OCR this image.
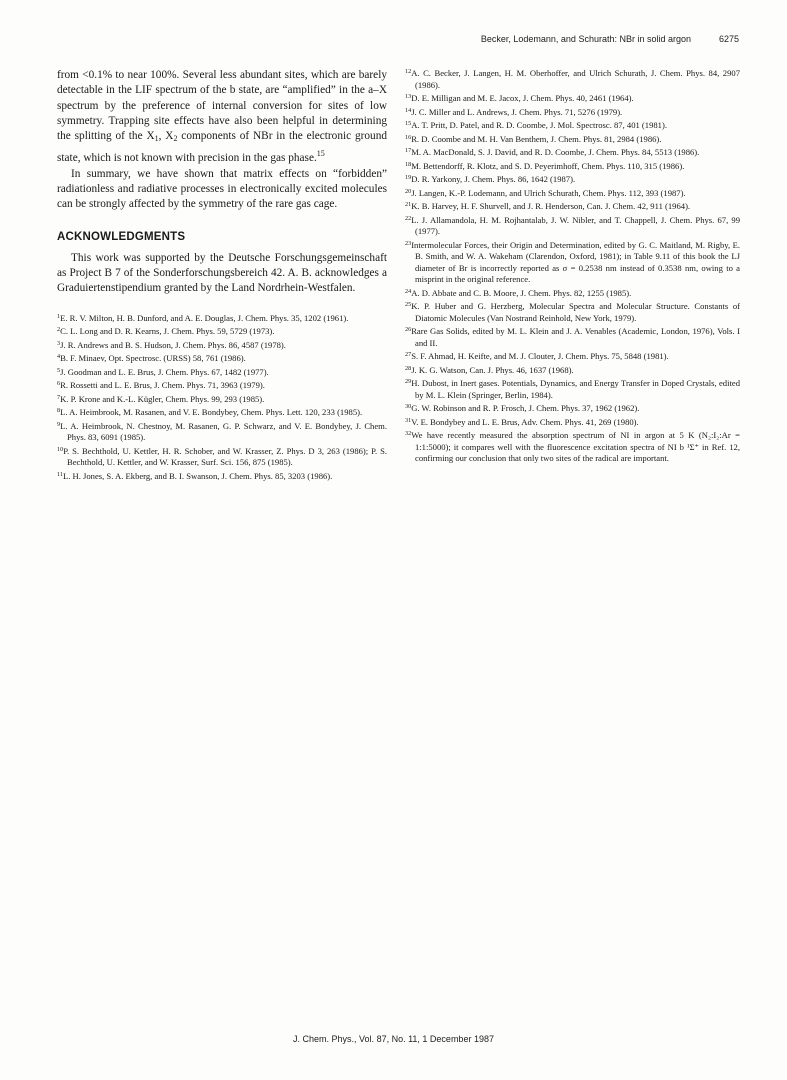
Becker, Lodemann, and Schurath: NBr in solid argon	6275

from <0.1% to near 100%. Several less abundant sites, which are barely detectable in the LIF spectrum of the b state, are “amplified” in the a–X spectrum by the preference of internal conversion for sites of low symmetry. Trapping site effects have also been helpful in determining the splitting of the $X_1$, $X_2$ components of NBr in the electronic ground state, which is not known with precision in the gas phase.$^{15}$

In summary, we have shown that matrix effects on “forbidden” radiationless and radiative processes in electronically excited molecules can be strongly affected by the symmetry of the rare gas cage.

ACKNOWLEDGMENTS

This work was supported by the Deutsche Forschungsgemeinschaft as Project B 7 of the Sonderforschungsbereich 42. A. B. acknowledges a Graduiertenstipendium granted by the Land Nordrhein-Westfalen.

$^1$E. R. V. Milton, H. B. Dunford, and A. E. Douglas, J. Chem. Phys. 35, 1202 (1961).
$^2$C. L. Long and D. R. Kearns, J. Chem. Phys. 59, 5729 (1973).
$^3$J. R. Andrews and B. S. Hudson, J. Chem. Phys. 86, 4587 (1978).
$^4$B. F. Minaev, Opt. Spectrosc. (URSS) 58, 761 (1986).
$^5$J. Goodman and L. E. Brus, J. Chem. Phys. 67, 1482 (1977).
$^6$R. Rossetti and L. E. Brus, J. Chem. Phys. 71, 3963 (1979).
$^7$K. P. Krone and K.-L. Kügler, Chem. Phys. 99, 293 (1985).
$^8$L. A. Heimbrook, M. Rasanen, and V. E. Bondybey, Chem. Phys. Lett. 120, 233 (1985).
$^9$L. A. Heimbrook, N. Chestnoy, M. Rasanen, G. P. Schwarz, and V. E. Bondybey, J. Chem. Phys. 83, 6091 (1985).
$^{10}$P. S. Bechthold, U. Kettler, H. R. Schober, and W. Krasser, Z. Phys. D 3, 263 (1986); P. S. Bechthold, U. Kettler, and W. Krasser, Surf. Sci. 156, 875 (1985).
$^{11}$L. H. Jones, S. A. Ekberg, and B. I. Swanson, J. Chem. Phys. 85, 3203 (1986).
$^{12}$A. C. Becker, J. Langen, H. M. Oberhoffer, and Ulrich Schurath, J. Chem. Phys. 84, 2907 (1986).
$^{13}$D. E. Milligan and M. E. Jacox, J. Chem. Phys. 40, 2461 (1964).
$^{14}$J. C. Miller and L. Andrews, J. Chem. Phys. 71, 5276 (1979).
$^{15}$A. T. Pritt, D. Patel, and R. D. Coombe, J. Mol. Spectrosc. 87, 401 (1981).
$^{16}$R. D. Coombe and M. H. Van Benthem, J. Chem. Phys. 81, 2984 (1986).
$^{17}$M. A. MacDonald, S. J. David, and R. D. Coombe, J. Chem. Phys. 84, 5513 (1986).
$^{18}$M. Bettendorff, R. Klotz, and S. D. Peyerimhoff, Chem. Phys. 110, 315 (1986).
$^{19}$D. R. Yarkony, J. Chem. Phys. 86, 1642 (1987).
$^{20}$J. Langen, K.-P. Lodemann, and Ulrich Schurath, Chem. Phys. 112, 393 (1987).
$^{21}$K. B. Harvey, H. F. Shurvell, and J. R. Henderson, Can. J. Chem. 42, 911 (1964).
$^{22}$L. J. Allamandola, H. M. Rojhantalab, J. W. Nibler, and T. Chappell, J. Chem. Phys. 67, 99 (1977).
$^{23}$Intermolecular Forces, their Origin and Determination, edited by G. C. Maitland, M. Rigby, E. B. Smith, and W. A. Wakeham (Clarendon, Oxford, 1981); in Table 9.11 of this book the LJ diameter of Br is incorrectly reported as σ = 0.2538 nm instead of 0.3538 nm, owing to a misprint in the original reference.
$^{24}$A. D. Abbate and C. B. Moore, J. Chem. Phys. 82, 1255 (1985).
$^{25}$K. P. Huber and G. Herzberg, Molecular Spectra and Molecular Structure. Constants of Diatomic Molecules (Van Nostrand Reinhold, New York, 1979).
$^{26}$Rare Gas Solids, edited by M. L. Klein and J. A. Venables (Academic, London, 1976), Vols. I and II.
$^{27}$S. F. Ahmad, H. Keifte, and M. J. Clouter, J. Chem. Phys. 75, 5848 (1981).
$^{28}$J. K. G. Watson, Can. J. Phys. 46, 1637 (1968).
$^{29}$H. Dubost, in Inert gases. Potentials, Dynamics, and Energy Transfer in Doped Crystals, edited by M. L. Klein (Springer, Berlin, 1984).
$^{30}$G. W. Robinson and R. P. Frosch, J. Chem. Phys. 37, 1962 (1962).
$^{31}$V. E. Bondybey and L. E. Brus, Adv. Chem. Phys. 41, 269 (1980).
$^{32}$We have recently measured the absorption spectrum of NI in argon at 5 K (N₂:I₂:Ar = 1:1:5000); it compares well with the fluorescence excitation spectra of NI b ¹Σ⁺ in Ref. 12, confirming our conclusion that only two sites of the radical are important.
J. Chem. Phys., Vol. 87, No. 11, 1 December 1987
